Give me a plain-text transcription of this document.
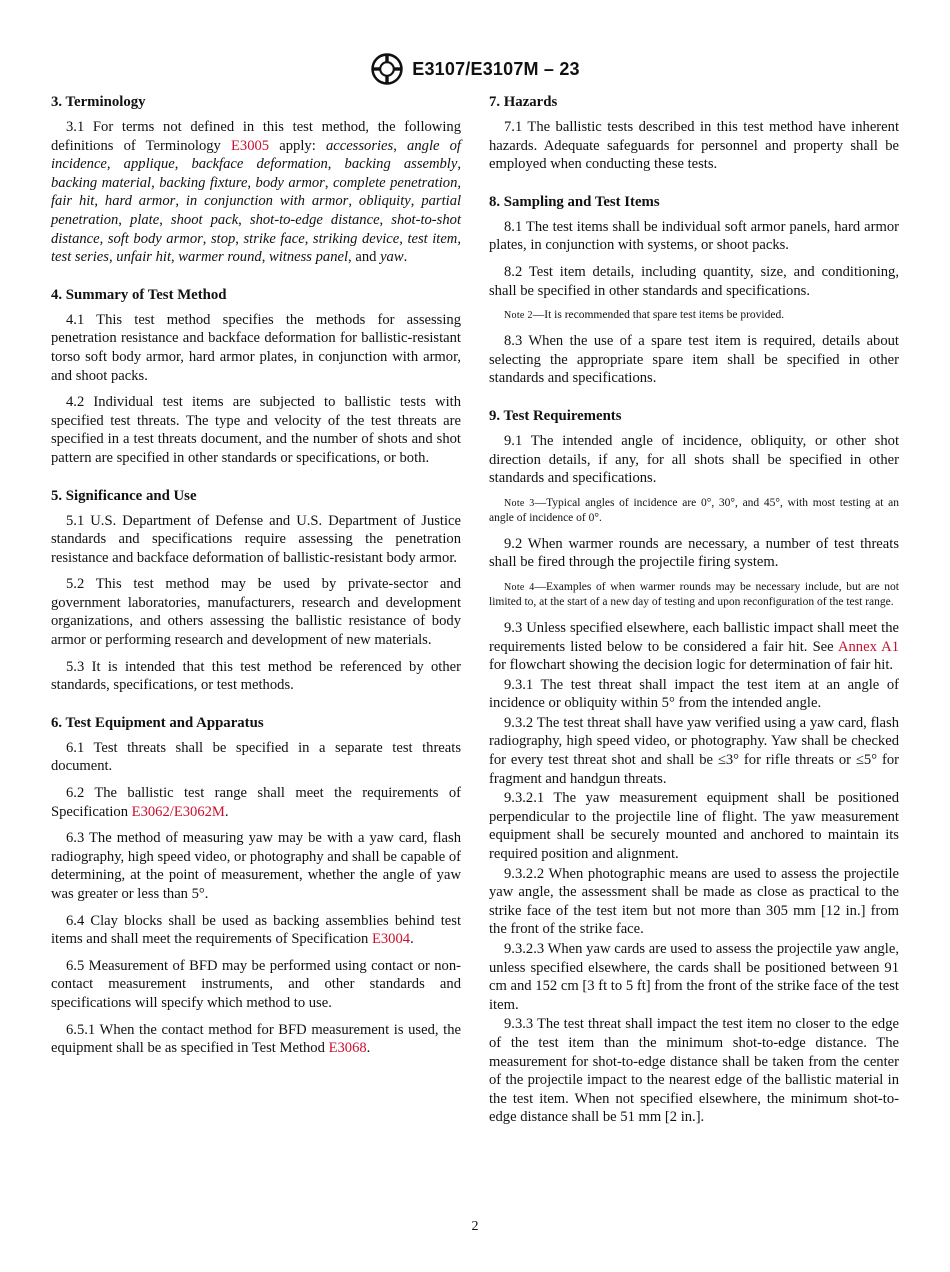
E3107/E3107M – 23
3. Terminology

3.1 For terms not defined in this test method, the following definitions of Terminology E3005 apply: accessories, angle of incidence, applique, backface deformation, backing assembly, backing material, backing fixture, body armor, complete penetration, fair hit, hard armor, in conjunction with armor, obliquity, partial penetration, plate, shoot pack, shot-to-edge distance, shot-to-shot distance, soft body armor, stop, strike face, striking device, test item, test series, unfair hit, warmer round, witness panel, and yaw.

4. Summary of Test Method

4.1 This test method specifies the methods for assessing penetration resistance and backface deformation for ballistic-resistant torso soft body armor, hard armor plates, in conjunction with armor, and shoot packs.

4.2 Individual test items are subjected to ballistic tests with specified test threats. The type and velocity of the test threats are specified in a test threats document, and the number of shots and shot pattern are specified in other standards or specifications, or both.

5. Significance and Use

5.1 U.S. Department of Defense and U.S. Department of Justice standards and specifications require assessing the penetration resistance and backface deformation of ballistic-resistant body armor.

5.2 This test method may be used by private-sector and government laboratories, manufacturers, research and development organizations, and others assessing the ballistic resistance of body armor or performing research and development of new materials.

5.3 It is intended that this test method be referenced by other standards, specifications, or test methods.

6. Test Equipment and Apparatus

6.1 Test threats shall be specified in a separate test threats document.

6.2 The ballistic test range shall meet the requirements of Specification E3062/E3062M.

6.3 The method of measuring yaw may be with a yaw card, flash radiography, high speed video, or photography and shall be capable of determining, at the point of measurement, whether the angle of yaw was greater or less than 5°.

6.4 Clay blocks shall be used as backing assemblies behind test items and shall meet the requirements of Specification E3004.

6.5 Measurement of BFD may be performed using contact or non-contact measurement instruments, and other standards and specifications will specify which method to use.

6.5.1 When the contact method for BFD measurement is used, the equipment shall be as specified in Test Method E3068.

7. Hazards

7.1 The ballistic tests described in this test method have inherent hazards. Adequate safeguards for personnel and property shall be employed when conducting these tests.

8. Sampling and Test Items

8.1 The test items shall be individual soft armor panels, hard armor plates, in conjunction with systems, or shoot packs.

8.2 Test item details, including quantity, size, and conditioning, shall be specified in other standards and specifications.

Note 2—It is recommended that spare test items be provided.

8.3 When the use of a spare test item is required, details about selecting the appropriate spare item shall be specified in other standards and specifications.

9. Test Requirements

9.1 The intended angle of incidence, obliquity, or other shot direction details, if any, for all shots shall be specified in other standards and specifications.

Note 3—Typical angles of incidence are 0°, 30°, and 45°, with most testing at an angle of incidence of 0°.

9.2 When warmer rounds are necessary, a number of test threats shall be fired through the projectile firing system.

Note 4—Examples of when warmer rounds may be necessary include, but are not limited to, at the start of a new day of testing and upon reconfiguration of the test range.

9.3 Unless specified elsewhere, each ballistic impact shall meet the requirements listed below to be considered a fair hit. See Annex A1 for flowchart showing the decision logic for determination of fair hit.

9.3.1 The test threat shall impact the test item at an angle of incidence or obliquity within 5° from the intended angle.

9.3.2 The test threat shall have yaw verified using a yaw card, flash radiography, high speed video, or photography. Yaw shall be checked for every test threat shot and shall be ≤3° for rifle threats or ≤5° for fragment and handgun threats.

9.3.2.1 The yaw measurement equipment shall be positioned perpendicular to the projectile line of flight. The yaw measurement equipment shall be securely mounted and anchored to maintain its required position and alignment.

9.3.2.2 When photographic means are used to assess the projectile yaw angle, the assessment shall be made as close as practical to the strike face of the test item but not more than 305 mm [12 in.] from the front of the strike face.

9.3.2.3 When yaw cards are used to assess the projectile yaw angle, unless specified elsewhere, the cards shall be positioned between 91 cm and 152 cm [3 ft to 5 ft] from the front of the strike face of the test item.

9.3.3 The test threat shall impact the test item no closer to the edge of the test item than the minimum shot-to-edge distance. The measurement for shot-to-edge distance shall be taken from the center of the projectile impact to the nearest edge of the ballistic material in the test item. When not specified elsewhere, the minimum shot-to-edge distance shall be 51 mm [2 in.].

2
